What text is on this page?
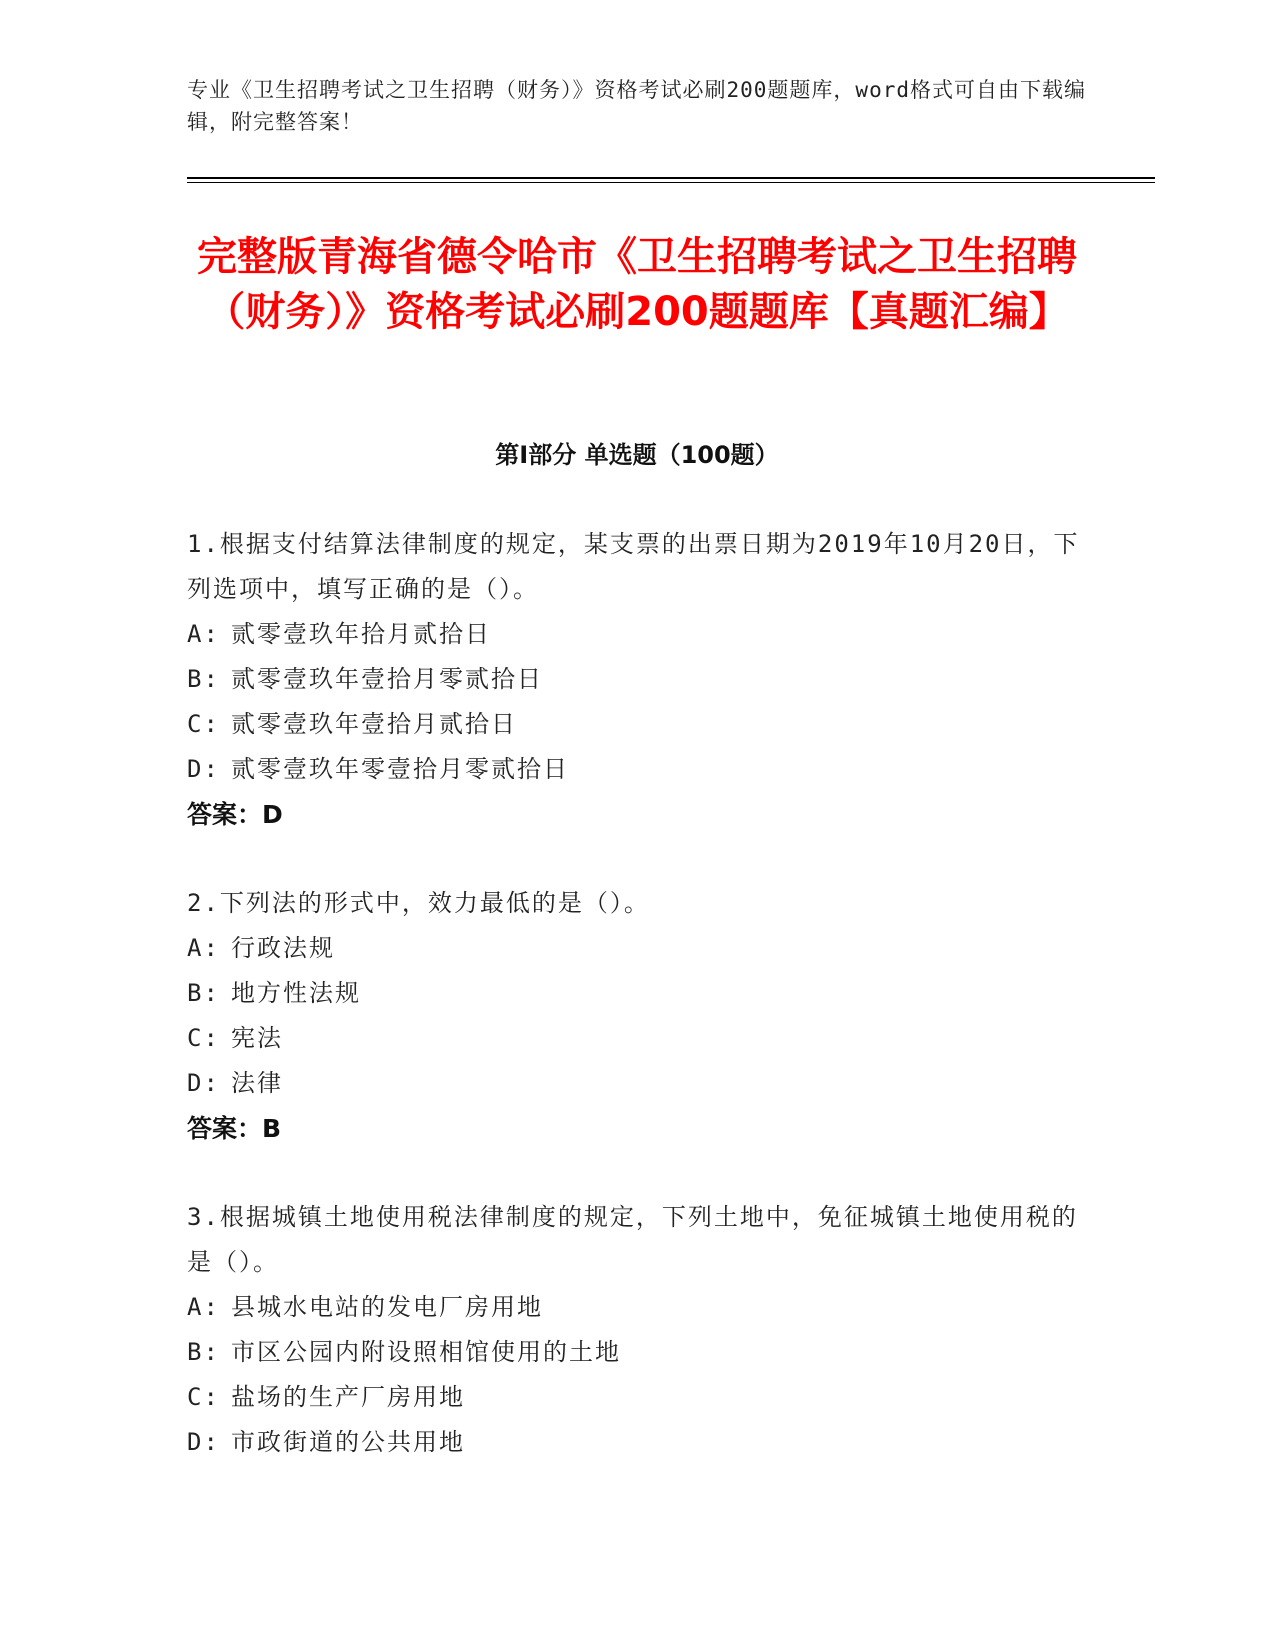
专业《卫生招聘考试之卫生招聘（财务）》资格考试必刷200题题库，word格式可自由下载编辑，附完整答案！
完整版青海省德令哈市《卫生招聘考试之卫生招聘（财务）》资格考试必刷200题题库【真题汇编】
第Ⅰ部分 单选题（100题）

1.根据支付结算法律制度的规定，某支票的出票日期为2019年10月20日，下列选项中，填写正确的是（）。

A: 贰零壹玖年拾月贰拾日

B: 贰零壹玖年壹拾月零贰拾日

C: 贰零壹玖年壹拾月贰拾日

D: 贰零壹玖年零壹拾月零贰拾日

答案：D

2.下列法的形式中，效力最低的是（）。

A: 行政法规

B: 地方性法规

C: 宪法

D: 法律

答案：B

3.根据城镇土地使用税法律制度的规定，下列土地中，免征城镇土地使用税的是（）。

A: 县城水电站的发电厂房用地

B: 市区公园内附设照相馆使用的土地

C: 盐场的生产厂房用地

D: 市政街道的公共用地
